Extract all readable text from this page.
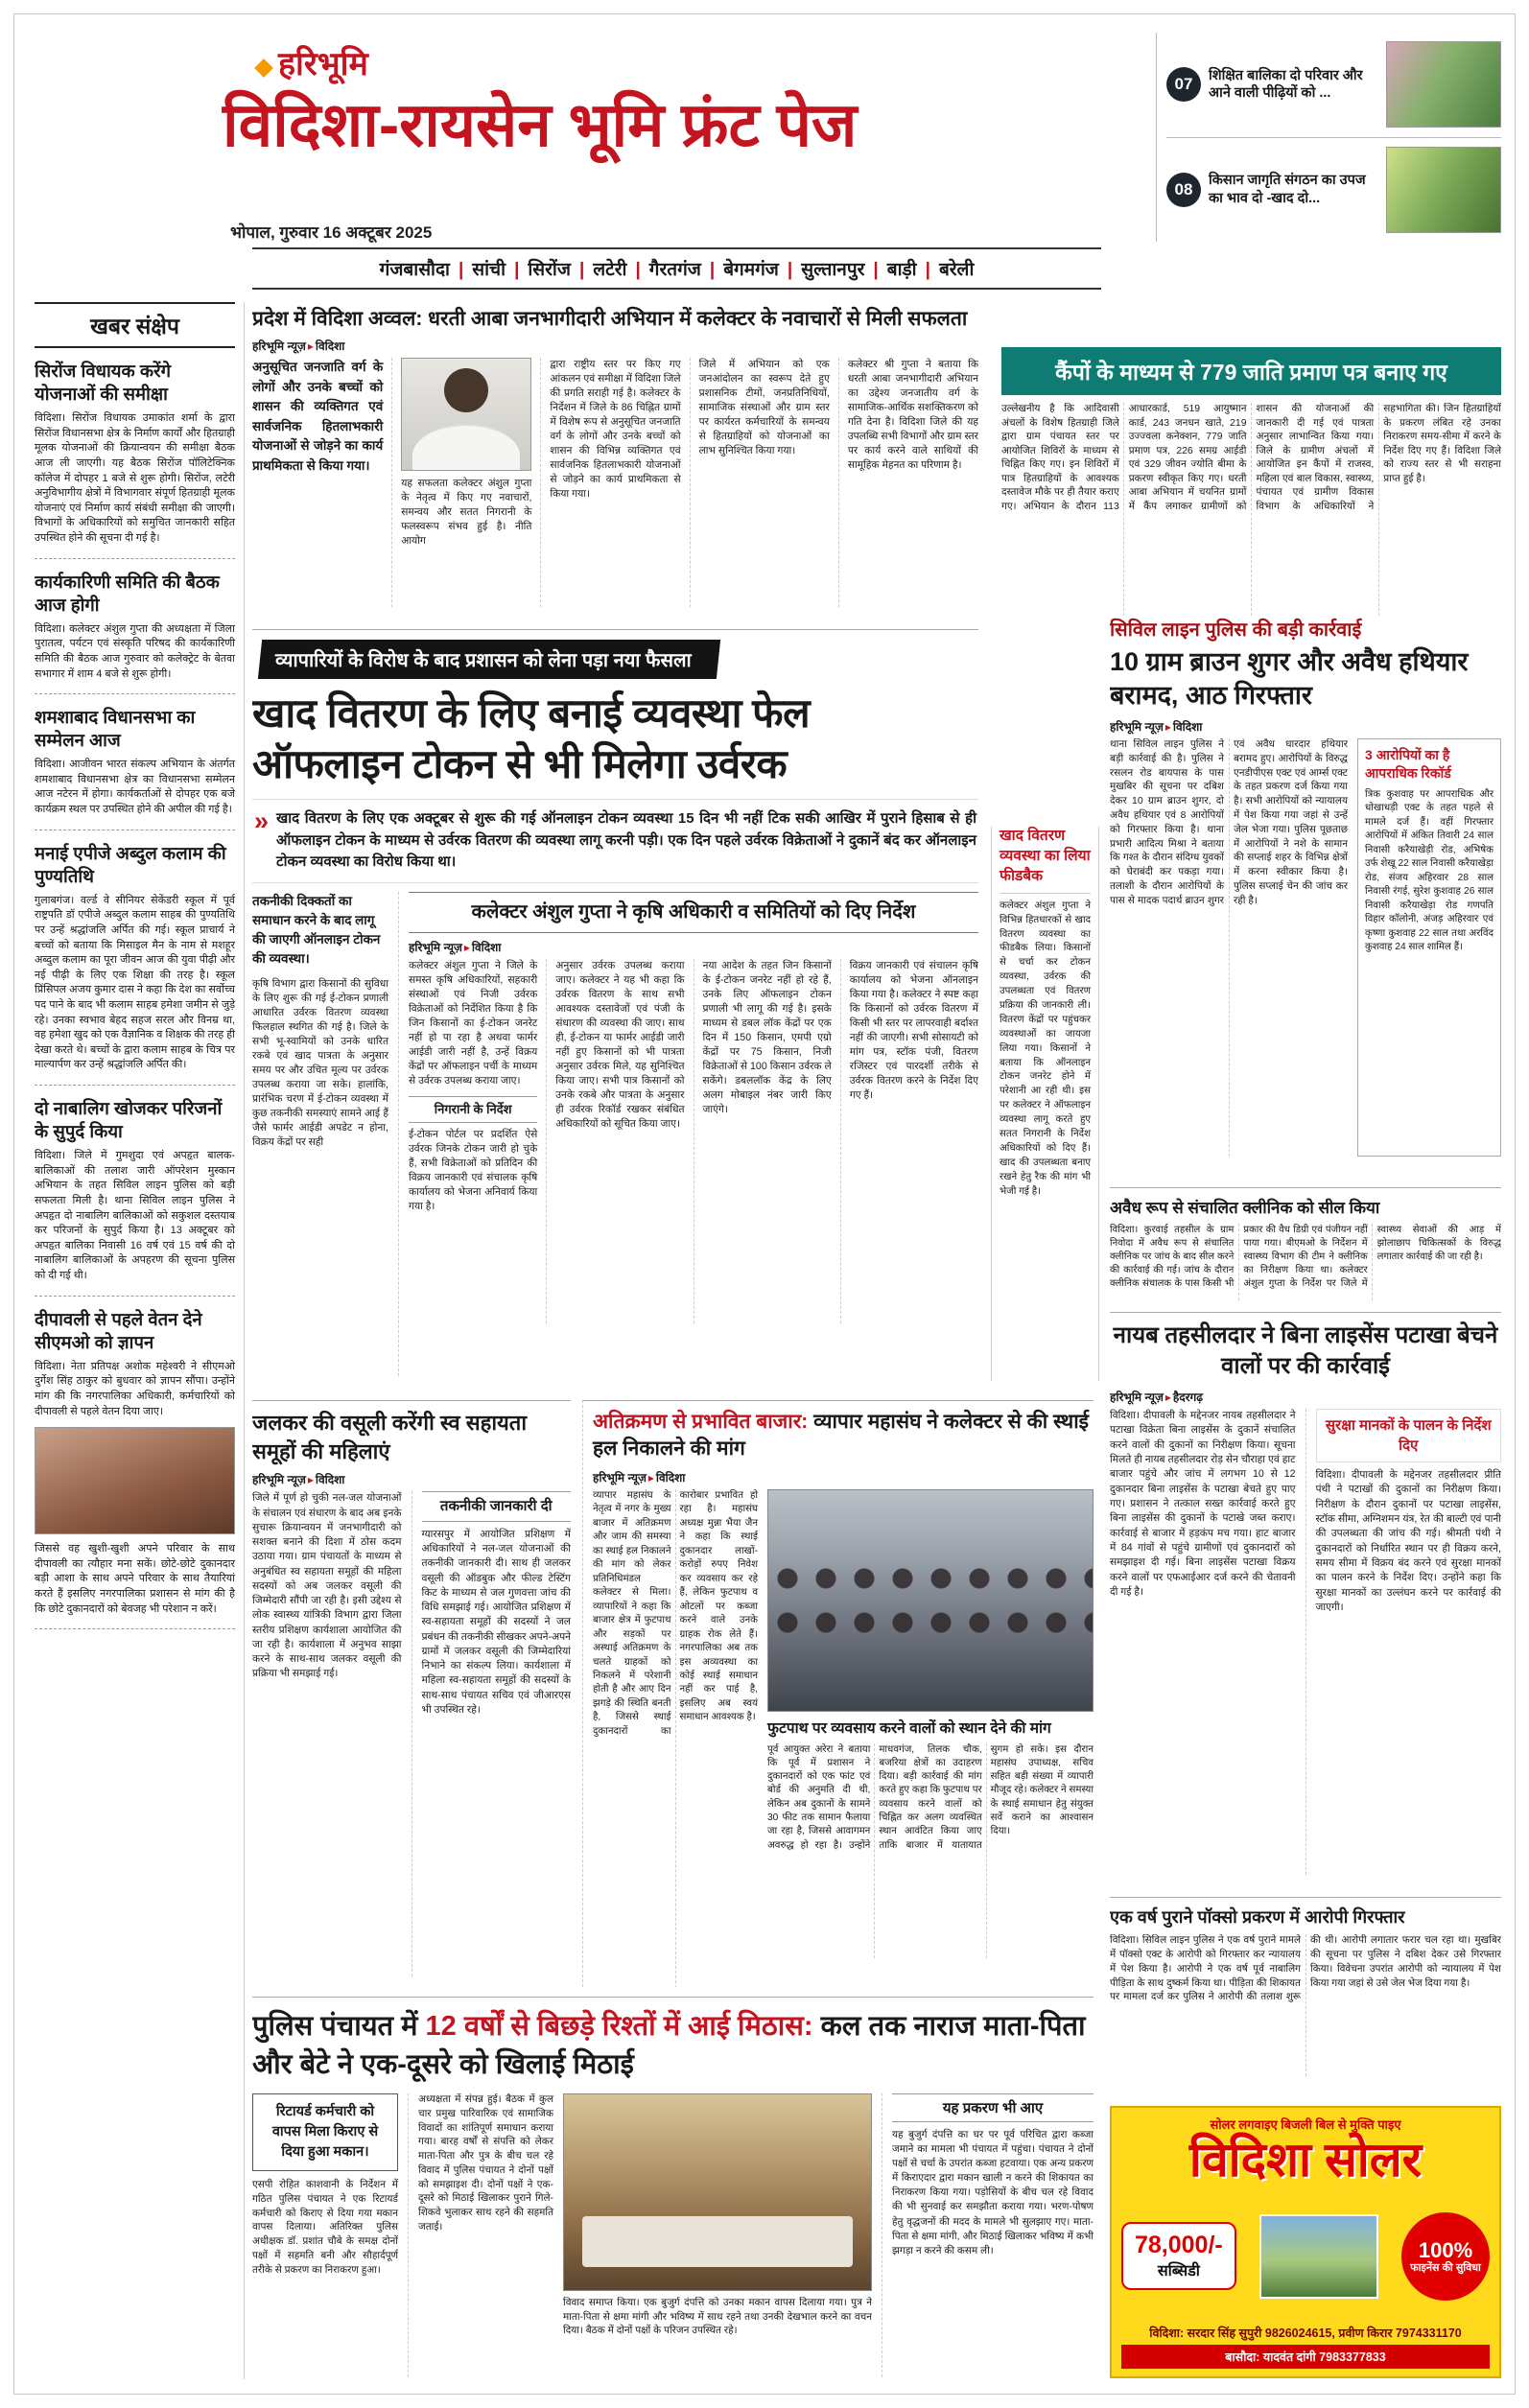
हरिभूमि
विदिशा-रायसेन भूमि फ्रंट पेज
भोपाल, गुरुवार 16 अक्टूबर 2025
गंजबासौदा | सांची | सिरोंज | लटेरी | गैरतगंज | बेगमगंज | सुल्तानपुर | बाड़ी | बरेली
07	शिक्षित बालिका दो परिवार और आने वाली पीढ़ियों को ...
08	किसान जागृति संगठन का उपज का भाव दो -खाद दो...
खबर संक्षेप
सिरोंज विधायक करेंगे योजनाओं की समीक्षा
विदिशा। सिरोंज विधायक उमाकांत शर्मा के द्वारा सिरोंज विधानसभा क्षेत्र के निर्माण कार्यों और हितग्राही मूलक योजनाओं की क्रियान्वयन की समीक्षा बैठक आज ली जाएगी। यह बैठक सिरोंज पॉलिटेक्निक कॉलेज में दोपहर 1 बजे से शुरू होगी। सिरोंज, लटेरी अनुविभागीय क्षेत्रों में विभागवार संपूर्ण हितग्राही मूलक योजनाएं एवं निर्माण कार्य संबंधी समीक्षा की जाएगी। विभागों के अधिकारियों को समुचित जानकारी सहित उपस्थित होने की सूचना दी गई है।
कार्यकारिणी समिति की बैठक आज होगी
विदिशा। कलेक्टर अंशुल गुप्ता की अध्यक्षता में जिला पुरातत्व, पर्यटन एवं संस्कृति परिषद की कार्यकारिणी समिति की बैठक आज गुरुवार को कलेक्ट्रेट के बेतवा सभागार में शाम 4 बजे से शुरू होगी।
शमशाबाद विधानसभा का सम्मेलन आज
विदिशा। आजीवन भारत संकल्प अभियान के अंतर्गत शमशाबाद विधानसभा क्षेत्र का विधानसभा सम्मेलन आज नटेरन में होगा। कार्यकर्ताओं से दोपहर एक बजे कार्यक्रम स्थल पर उपस्थित होने की अपील की गई है।
मनाई एपीजे अब्दुल कलाम की पुण्यतिथि
गुलाबगंज। वर्ल्ड वे सीनियर सेकेंडरी स्कूल में पूर्व राष्ट्रपति डॉ एपीजे अब्दुल कलाम साहब की पुण्यतिथि पर उन्हें श्रद्धांजलि अर्पित की गई। स्कूल प्राचार्य ने बच्चों को बताया कि मिसाइल मैन के नाम से मशहूर अब्दुल कलाम का पूरा जीवन आज की युवा पीढ़ी और नई पीढ़ी के लिए एक शिक्षा की तरह है। स्कूल प्रिंसिपल अजय कुमार दास ने कहा कि देश का सर्वोच्च पद पाने के बाद भी कलाम साहब हमेशा जमीन से जुड़े रहे। उनका स्वभाव बेहद सहज सरल और विनम्र था, वह हमेशा खुद को एक वैज्ञानिक व शिक्षक की तरह ही देखा करते थे। बच्चों के द्वारा कलाम साहब के चित्र पर माल्यार्पण कर उन्हें श्रद्धांजलि अर्पित की।
दो नाबालिग खोजकर परिजनों के सुपुर्द किया
विदिशा। जिले में गुमशुदा एवं अपहृत बालक-बालिकाओं की तलाश जारी ऑपरेशन मुस्कान अभियान के तहत सिविल लाइन पुलिस को बड़ी सफलता मिली है। थाना सिविल लाइन पुलिस ने अपहृत दो नाबालिग बालिकाओं को सकुशल दस्तयाब कर परिजनों के सुपुर्द किया है। 13 अक्टूबर को अपहृत बालिका निवासी 16 वर्ष एवं 15 वर्ष की दो नाबालिग बालिकाओं के अपहरण की सूचना पुलिस को दी गई थी।
दीपावली से पहले वेतन देने सीएमओ को ज्ञापन
विदिशा। नेता प्रतिपक्ष अशोक महेश्वरी ने सीएमओ दुर्गेश सिंह ठाकुर को बुधवार को ज्ञापन सौंपा। उन्होंने मांग की कि नगरपालिका अधिकारी, कर्मचारियों को दीपावली से पहले वेतन दिया जाए।
जिससे वह खुशी-खुशी अपने परिवार के साथ दीपावली का त्यौहार मना सकें। छोटे-छोटे दुकानदार बड़ी आशा के साथ अपने परिवार के साथ तैयारियां करते हैं इसलिए नगरपालिका प्रशासन से मांग की है कि छोटे दुकानदारों को बेवजह भी परेशान न करें।
प्रदेश में विदिशा अव्वल: धरती आबा जनभागीदारी अभियान में कलेक्टर के नवाचारों से मिली सफलता
हरिभूमि न्यूज़ ▸ विदिशा
अनुसूचित जनजाति वर्ग के लोगों और उनके बच्चों को शासन की व्यक्तिगत एवं सार्वजनिक हितलाभकारी योजनाओं से जोड़ने का कार्य प्राथमिकता से किया गया।
यह सफलता कलेक्टर अंशुल गुप्ता के नेतृत्व में किए गए नवाचारों, समन्वय और सतत निगरानी के फलस्वरूप संभव हुई है। नीति आयोग
द्वारा राष्ट्रीय स्तर पर किए गए आंकलन एवं समीक्षा में विदिशा जिले की प्रगति सराही गई है। कलेक्टर के निर्देशन में जिले के 86 चिह्नित ग्रामों में विशेष रूप से अनुसूचित जनजाति वर्ग के लोगों और उनके बच्चों को शासन की विभिन्न व्यक्तिगत एवं सार्वजनिक हितलाभकारी योजनाओं से जोड़ने का कार्य प्राथमिकता से किया गया।
जिले में अभियान को एक जनआंदोलन का स्वरूप देते हुए प्रशासनिक टीमों, जनप्रतिनिधियों, सामाजिक संस्थाओं और ग्राम स्तर पर कार्यरत कर्मचारियों के समन्वय से हितग्राहियों को योजनाओं का लाभ सुनिश्चित किया गया।
कलेक्टर श्री गुप्ता ने बताया कि धरती आबा जनभागीदारी अभियान का उद्देश्य जनजातीय वर्ग के सामाजिक-आर्थिक सशक्तिकरण को गति देना है। विदिशा जिले की यह उपलब्धि सभी विभागों और ग्राम स्तर पर कार्य करने वाले साथियों की सामूहिक मेहनत का परिणाम है।
कैंपों के माध्यम से 779 जाति प्रमाण पत्र बनाए गए
उल्लेखनीय है कि आदिवासी अंचलों के विशेष हितग्राही जिले द्वारा ग्राम पंचायत स्तर पर आयोजित शिविरों के माध्यम से चिह्नित किए गए। इन शिविरों में पात्र हितग्राहियों के आवश्यक दस्तावेज मौके पर ही तैयार कराए गए। अभियान के दौरान 113 आधारकार्ड, 519 आयुष्मान कार्ड, 243 जनधन खाते, 219 उज्ज्वला कनेक्शन, 779 जाति प्रमाण पत्र, 226 समग्र आईडी एवं 329 जीवन ज्योति बीमा के प्रकरण स्वीकृत किए गए। धरती आबा अभियान में चयनित ग्रामों में कैंप लगाकर ग्रामीणों को शासन की योजनाओं की जानकारी दी गई एवं पात्रता अनुसार लाभान्वित किया गया। जिले के ग्रामीण अंचलों में आयोजित इन कैंपों में राजस्व, महिला एवं बाल विकास, स्वास्थ्य, पंचायत एवं ग्रामीण विकास विभाग के अधिकारियों ने सहभागिता की। जिन हितग्राहियों के प्रकरण लंबित रहे उनका निराकरण समय-सीमा में करने के निर्देश दिए गए हैं। विदिशा जिले को राज्य स्तर से भी सराहना प्राप्त हुई है।
व्यापारियों के विरोध के बाद प्रशासन को लेना पड़ा नया फैसला
खाद वितरण के लिए बनाई व्यवस्था फेल
ऑफलाइन टोकन से भी मिलेगा उर्वरक
» खाद वितरण के लिए एक अक्टूबर से शुरू की गई ऑनलाइन टोकन व्यवस्था 15 दिन भी नहीं टिक सकी आखिर में पुराने हिसाब से ही ऑफलाइन टोकन के माध्यम से उर्वरक वितरण की व्यवस्था लागू करनी पड़ी। एक दिन पहले उर्वरक विक्रेताओं ने दुकानें बंद कर ऑनलाइन टोकन व्यवस्था का विरोध किया था।
तकनीकी दिक्कतों का समाधान करने के बाद लागू की जाएगी ऑनलाइन टोकन की व्यवस्था।
कृषि विभाग द्वारा किसानों की सुविधा के लिए शुरू की गई ई-टोकन प्रणाली आधारित उर्वरक वितरण व्यवस्था फिलहाल स्थगित की गई है। जिले के सभी भू-स्वामियों को उनके धारित रकबे एवं खाद पात्रता के अनुसार समय पर और उचित मूल्य पर उर्वरक उपलब्ध कराया जा सके। हालांकि, प्रारंभिक चरण में ई-टोकन व्यवस्था में कुछ तकनीकी समस्याएं सामने आई हैं जैसे फार्मर आईडी अपडेट न होना, विक्रय केंद्रों पर सही
कलेक्टर अंशुल गुप्ता ने कृषि अधिकारी व समितियों को दिए निर्देश
हरिभूमि न्यूज़ ▸ विदिशा
कलेक्टर अंशुल गुप्ता ने जिले के समस्त कृषि अधिकारियों, सहकारी संस्थाओं एवं निजी उर्वरक विक्रेताओं को निर्देशित किया है कि जिन किसानों का ई-टोकन जनरेट नहीं हो पा रहा है अथवा फार्मर आईडी जारी नहीं है, उन्हें विक्रय केंद्रों पर ऑफलाइन पर्ची के माध्यम से उर्वरक उपलब्ध कराया जाए।
निगरानी के निर्देश
ई-टोकन पोर्टल पर प्रदर्शित ऐसे उर्वरक जिनके टोकन जारी हो चुके हैं, सभी विक्रेताओं को प्रतिदिन की विक्रय जानकारी एवं संचालक कृषि कार्यालय को भेजना अनिवार्य किया गया है।
अनुसार उर्वरक उपलब्ध कराया जाए। कलेक्टर ने यह भी कहा कि उर्वरक वितरण के साथ सभी आवश्यक दस्तावेजों एवं पंजी के संधारण की व्यवस्था की जाए। साथ ही, ई-टोकन या फार्मर आईडी जारी नहीं हुए किसानों को भी पात्रता अनुसार उर्वरक मिले, यह सुनिश्चित किया जाए। सभी पात्र किसानों को उनके रकबे और पात्रता के अनुसार ही उर्वरक रिकॉर्ड रखकर संबंधित अधिकारियों को सूचित किया जाए।
नया आदेश के तहत जिन किसानों के ई-टोकन जनरेट नहीं हो रहे हैं, उनके लिए ऑफलाइन टोकन प्रणाली भी लागू की गई है। इसके माध्यम से डबल लॉक केंद्रों पर एक दिन में 150 किसान, एमपी एग्रो केंद्रों पर 75 किसान, निजी विक्रेताओं से 100 किसान उर्वरक ले सकेंगे। डबललॉक केंद्र के लिए अलग मोबाइल नंबर जारी किए जाएंगे।
विक्रय जानकारी एवं संचालन कृषि कार्यालय को भेजना ऑनलाइन किया गया है। कलेक्टर ने स्पष्ट कहा कि किसानों को उर्वरक वितरण में किसी भी स्तर पर लापरवाही बर्दाश्त नहीं की जाएगी। सभी सोसायटी को मांग पत्र, स्टॉक पंजी, वितरण रजिस्टर एवं पारदर्शी तरीके से उर्वरक वितरण करने के निर्देश दिए गए हैं।
खाद वितरण व्यवस्था का लिया फीडबैक
कलेक्टर अंशुल गुप्ता ने विभिन्न हितधारकों से खाद वितरण व्यवस्था का फीडबैक लिया। किसानों से चर्चा कर टोकन व्यवस्था, उर्वरक की उपलब्धता एवं वितरण प्रक्रिया की जानकारी ली। वितरण केंद्रों पर पहुंचकर व्यवस्थाओं का जायजा लिया गया। किसानों ने बताया कि ऑनलाइन टोकन जनरेट होने में परेशानी आ रही थी। इस पर कलेक्टर ने ऑफलाइन व्यवस्था लागू करते हुए सतत निगरानी के निर्देश अधिकारियों को दिए हैं। खाद की उपलब्धता बनाए रखने हेतु रैक की मांग भी भेजी गई है।
सिविल लाइन पुलिस की बड़ी कार्रवाई
10 ग्राम ब्राउन शुगर और अवैध हथियार बरामद, आठ गिरफ्तार
हरिभूमि न्यूज़ ▸ विदिशा
थाना सिविल लाइन पुलिस ने बड़ी कार्रवाई की है। पुलिस ने रसलन रोड बायपास के पास मुखबिर की सूचना पर दबिश देकर 10 ग्राम ब्राउन शुगर, दो अवैध हथियार एवं 8 आरोपियों को गिरफ्तार किया है। थाना प्रभारी आदित्य मिश्रा ने बताया कि गश्त के दौरान संदिग्ध युवकों को घेराबंदी कर पकड़ा गया। तलाशी के दौरान आरोपियों के पास से मादक पदार्थ ब्राउन शुगर एवं अवैध धारदार हथियार बरामद हुए। आरोपियों के विरुद्ध एनडीपीएस एक्ट एवं आर्म्स एक्ट के तहत प्रकरण दर्ज किया गया है। सभी आरोपियों को न्यायालय में पेश किया गया जहां से उन्हें जेल भेजा गया। पुलिस पूछताछ में आरोपियों ने नशे के सामान की सप्लाई शहर के विभिन्न क्षेत्रों में करना स्वीकार किया है। पुलिस सप्लाई चेन की जांच कर रही है।
3 आरोपियों का है आपराधिक रिकॉर्ड
त्रिक कुशवाह पर आपराधिक और धोखाधड़ी एक्ट के तहत पहले से मामले दर्ज हैं। वहीं गिरफ्तार आरोपियों में अंकित तिवारी 24 साल निवासी करैयाखेड़ी रोड, अभिषेक उर्फ शेखू 22 साल निवासी करैयाखेड़ा रोड, संजय अहिरवार 28 साल निवासी रंगई, सुरेश कुशवाह 26 साल निवासी करैयाखेड़ा रोड गणपति विहार कॉलोनी, अंजड़ अहिरवार एवं कृष्णा कुशवाह 22 साल तथा अरविंद कुशवाह 24 साल शामिल हैं।
अवैध रूप से संचालित क्लीनिक को सील किया
विदिशा। कुरवाई तहसील के ग्राम निवोदा में अवैध रूप से संचालित क्लीनिक पर जांच के बाद सील करने की कार्रवाई की गई। जांच के दौरान क्लीनिक संचालक के पास किसी भी प्रकार की वैध डिग्री एवं पंजीयन नहीं पाया गया। बीएमओ के निर्देशन में स्वास्थ्य विभाग की टीम ने क्लीनिक का निरीक्षण किया था। कलेक्टर अंशुल गुप्ता के निर्देश पर जिले में स्वास्थ्य सेवाओं की आड़ में झोलाछाप चिकित्सकों के विरुद्ध लगातार कार्रवाई की जा रही है।
नायब तहसीलदार ने बिना लाइसेंस पटाखा बेचने वालों पर की कार्रवाई
हरिभूमि न्यूज़ ▸ हैदरगढ़
विदिशा। दीपावली के मद्देनजर नायब तहसीलदार ने पटाखा विक्रेता बिना लाइसेंस के दुकानें संचालित करने वालों की दुकानों का निरीक्षण किया। सूचना मिलते ही नायब तहसीलदार रोड़ सेन चौराहा एवं हाट बाजार पहुंचे और जांच में लगभग 10 से 12 दुकानदार बिना लाइसेंस के पटाखा बेचते हुए पाए गए। प्रशासन ने तत्काल सख्त कार्रवाई करते हुए बिना लाइसेंस की दुकानों के पटाखे जब्त कराए। कार्रवाई से बाजार में हड़कंप मच गया। हाट बाजार में 84 गांवों से पहुंचे ग्रामीणों एवं दुकानदारों को समझाइश दी गई। बिना लाइसेंस पटाखा विक्रय करने वालों पर एफआईआर दर्ज करने की चेतावनी दी गई है।
सुरक्षा मानकों के पालन के निर्देश दिए
विदिशा। दीपावली के मद्देनजर तहसीलदार प्रीति पंथी ने पटाखों की दुकानों का निरीक्षण किया। निरीक्षण के दौरान दुकानों पर पटाखा लाइसेंस, स्टॉक सीमा, अग्निशमन यंत्र, रेत की बाल्टी एवं पानी की उपलब्धता की जांच की गई। श्रीमती पंथी ने दुकानदारों को निर्धारित स्थान पर ही विक्रय करने, समय सीमा में विक्रय बंद करने एवं सुरक्षा मानकों का पालन करने के निर्देश दिए। उन्होंने कहा कि सुरक्षा मानकों का उल्लंघन करने पर कार्रवाई की जाएगी।
एक वर्ष पुराने पॉक्सो प्रकरण में आरोपी गिरफ्तार
विदिशा। सिविल लाइन पुलिस ने एक वर्ष पुराने मामले में पॉक्सो एक्ट के आरोपी को गिरफ्तार कर न्यायालय में पेश किया है। आरोपी ने एक वर्ष पूर्व नाबालिग पीड़िता के साथ दुष्कर्म किया था। पीड़िता की शिकायत पर मामला दर्ज कर पुलिस ने आरोपी की तलाश शुरू की थी। आरोपी लगातार फरार चल रहा था। मुखबिर की सूचना पर पुलिस ने दबिश देकर उसे गिरफ्तार किया। विवेचना उपरांत आरोपी को न्यायालय में पेश किया गया जहां से उसे जेल भेज दिया गया है।
सोलर लगवाइए बिजली बिल से मुक्ति पाइए
विदिशा सोलर
78,000/-
सब्सिडी
100%
फाइनेंस की सुविधा
विदिशा: सरदार सिंह सुपुरी 9826024615, प्रवीण किरार 7974331170
बासौदा: यादवंत दांगी 7983377833
जलकर की वसूली करेंगी स्व सहायता समूहों की महिलाएं
हरिभूमि न्यूज़ ▸ विदिशा
जिले में पूर्ण हो चुकी नल-जल योजनाओं के संचालन एवं संधारण के बाद अब इनके सुचारू क्रियान्वयन में जनभागीदारी को सशक्त बनाने की दिशा में ठोस कदम उठाया गया। ग्राम पंचायतों के माध्यम से अनुबंधित स्व सहायता समूहों की महिला सदस्यों को अब जलकर वसूली की जिम्मेदारी सौंपी जा रही है। इसी उद्देश्य से लोक स्वास्थ्य यांत्रिकी विभाग द्वारा जिला स्तरीय प्रशिक्षण कार्यशाला आयोजित की जा रही है। कार्यशाला में अनुभव साझा करने के साथ-साथ जलकर वसूली की प्रक्रिया भी समझाई गई।
तकनीकी जानकारी दी
ग्यारसपुर में आयोजित प्रशिक्षण में अधिकारियों ने नल-जल योजनाओं की तकनीकी जानकारी दी। साथ ही जलकर वसूली की ऑडबुक और फील्ड टेस्टिंग किट के माध्यम से जल गुणवत्ता जांच की विधि समझाई गई। आयोजित प्रशिक्षण में स्व-सहायता समूहों की सदस्यों ने जल प्रबंधन की तकनीकी सीखकर अपने-अपने ग्रामों में जलकर वसूली की जिम्मेदारियां निभाने का संकल्प लिया। कार्यशाला में महिला स्व-सहायता समूहों की सदस्यों के साथ-साथ पंचायत सचिव एवं जीआरएस भी उपस्थित रहे।
अतिक्रमण से प्रभावित बाजार: व्यापार महासंघ ने कलेक्टर से की स्थाई हल निकालने की मांग
हरिभूमि न्यूज़ ▸ विदिशा
व्यापार महासंघ के नेतृत्व में नगर के मुख्य बाजार में अतिक्रमण और जाम की समस्या का स्थाई हल निकालने की मांग को लेकर प्रतिनिधिमंडल कलेक्टर से मिला। व्यापारियों ने कहा कि बाजार क्षेत्र में फुटपाथ और सड़कों पर अस्थाई अतिक्रमण के चलते ग्राहकों को निकलने में परेशानी होती है और आए दिन झगड़े की स्थिति बनती है, जिससे स्थाई दुकानदारों का कारोबार प्रभावित हो रहा है। महासंघ अध्यक्ष मुन्ना भैया जैन ने कहा कि स्थाई दुकानदार लाखों-करोड़ों रुपए निवेश कर व्यवसाय कर रहे हैं, लेकिन फुटपाथ व ओटलों पर कब्जा करने वाले उनके ग्राहक रोक लेते हैं। नगरपालिका अब तक इस अव्यवस्था का कोई स्थाई समाधान नहीं कर पाई है, इसलिए अब स्वयं समाधान आवश्यक है।
फुटपाथ पर व्यवसाय करने वालों को स्थान देने की मांग
पूर्व आयुक्त अरेरा ने बताया कि पूर्व में प्रशासन ने दुकानदारों को एक फांट एवं बोर्ड की अनुमति दी थी, लेकिन अब दुकानों के सामने 30 फीट तक सामान फैलाया जा रहा है, जिससे आवागमन अवरुद्ध हो रहा है। उन्होंने माधवगंज, तिलक चौक, बजरिया क्षेत्रों का उदाहरण दिया। बड़ी कार्रवाई की मांग करते हुए कहा कि फुटपाथ पर व्यवसाय करने वालों को चिह्नित कर अलग व्यवस्थित स्थान आवंटित किया जाए ताकि बाजार में यातायात सुगम हो सके। इस दौरान महासंघ उपाध्यक्ष, सचिव सहित बड़ी संख्या में व्यापारी मौजूद रहे। कलेक्टर ने समस्या के स्थाई समाधान हेतु संयुक्त सर्वे कराने का आश्वासन दिया।
पुलिस पंचायत में 12 वर्षों से बिछड़े रिश्तों में आई मिठास: कल तक नाराज माता-पिता और बेटे ने एक-दूसरे को खिलाई मिठाई
रिटायर्ड कर्मचारी को वापस मिला किराए से दिया हुआ मकान।
एसपी रोहित काशवानी के निर्देशन में गठित पुलिस पंचायत ने एक रिटायर्ड कर्मचारी को किराए से दिया गया मकान वापस दिलाया। अतिरिक्त पुलिस अधीक्षक डॉ. प्रशांत चौबे के समक्ष दोनों पक्षों में सहमति बनी और सौहार्दपूर्ण तरीके से प्रकरण का निराकरण हुआ।
अध्यक्षता में संपन्न हुई। बैठक में कुल चार प्रमुख पारिवारिक एवं सामाजिक विवादों का शांतिपूर्ण समाधान कराया गया। बारह वर्षों से संपत्ति को लेकर माता-पिता और पुत्र के बीच चल रहे विवाद में पुलिस पंचायत ने दोनों पक्षों को समझाइश दी। दोनों पक्षों ने एक-दूसरे को मिठाई खिलाकर पुराने गिले-शिकवे भुलाकर साथ रहने की सहमति जताई।
विवाद समाप्त किया। एक बुजुर्ग दंपत्ति को उनका मकान वापस दिलाया गया। पुत्र ने माता-पिता से क्षमा मांगी और भविष्य में साथ रहने तथा उनकी देखभाल करने का वचन दिया। बैठक में दोनों पक्षों के परिजन उपस्थित रहे।
यह प्रकरण भी आए
यह बुजुर्ग दंपत्ति का घर पर पूर्व परिचित द्वारा कब्जा जमाने का मामला भी पंचायत में पहुंचा। पंचायत ने दोनों पक्षों से चर्चा के उपरांत कब्जा हटवाया। एक अन्य प्रकरण में किराएदार द्वारा मकान खाली न करने की शिकायत का निराकरण किया गया। पड़ोसियों के बीच चल रहे विवाद की भी सुनवाई कर समझौता कराया गया। भरण-पोषण हेतु वृद्धजनों की मदद के मामले भी सुलझाए गए। माता-पिता से क्षमा मांगी, और मिठाई खिलाकर भविष्य में कभी झगड़ा न करने की कसम ली।
